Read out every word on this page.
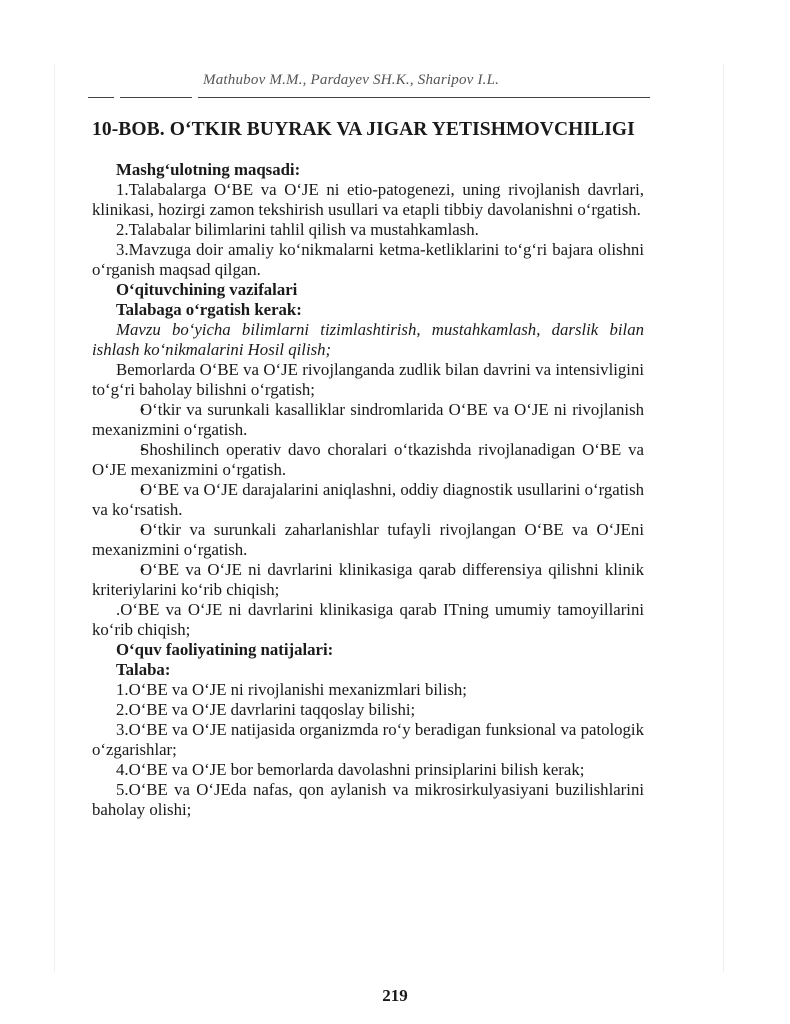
Mathubov M.M., Pardayev SH.K., Sharipov I.L.
10-BOB. O‘TKIR BUYRAK VA JIGAR YETISHMOVCHILIGI

Mashg‘ulotning maqsadi:

1.Talabalarga O‘BE va O‘JE ni etio-patogenezi, uning rivojlanish davrlari, klinikasi, hozirgi zamon tekshirish usullari va etapli tibbiy davolanishni o‘rgatish.

2.Talabalar bilimlarini tahlil qilish va mustahkamlash.

3.Mavzuga doir amaliy ko‘nikmalarni ketma-ketliklarini to‘g‘ri bajara olishni o‘rganish maqsad qilgan.

O‘qituvchining vazifalari

Talabaga o‘rgatish kerak:

Mavzu bo‘yicha bilimlarni tizimlashtirish, mustahkamlash, darslik bilan ishlash ko‘nikmalarini Hosil qilish;

Bemorlarda O‘BE va O‘JE rivojlanganda zudlik bilan davrini va intensivligini to‘g‘ri baholay bilishni o‘rgatish;

• O‘tkir va surunkali kasalliklar sindromlarida O‘BE va O‘JE ni rivojlanish mexanizmini o‘rgatish.

• Shoshilinch operativ davo choralari o‘tkazishda rivojlanadigan O‘BE va O‘JE mexanizmini o‘rgatish.

• O‘BE va O‘JE darajalarini aniqlashni, oddiy diagnostik usullarini o‘rgatish va ko‘rsatish.

• O‘tkir va surunkali zaharlanishlar tufayli rivojlangan O‘BE va O‘JEni mexanizmini o‘rgatish.

• O‘BE va O‘JE ni davrlarini klinikasiga qarab differensiya qilishni klinik kriteriylarini ko‘rib chiqish;

.O‘BE va O‘JE ni davrlarini klinikasiga qarab ITning umumiy tamoyillarini ko‘rib chiqish;

O‘quv faoliyatining natijalari:

Talaba:

1.O‘BE va O‘JE ni rivojlanishi mexanizmlari bilish;

2.O‘BE va O‘JE davrlarini taqqoslay bilishi;

3.O‘BE va O‘JE natijasida organizmda ro‘y beradigan funksional va patologik o‘zgarishlar;

4.O‘BE va O‘JE bor bemorlarda davolashni prinsiplarini bilish kerak;

5.O‘BE va O‘JEda nafas, qon aylanish va mikrosirkulyasiyani buzilishlarini baholay olishi;

219
